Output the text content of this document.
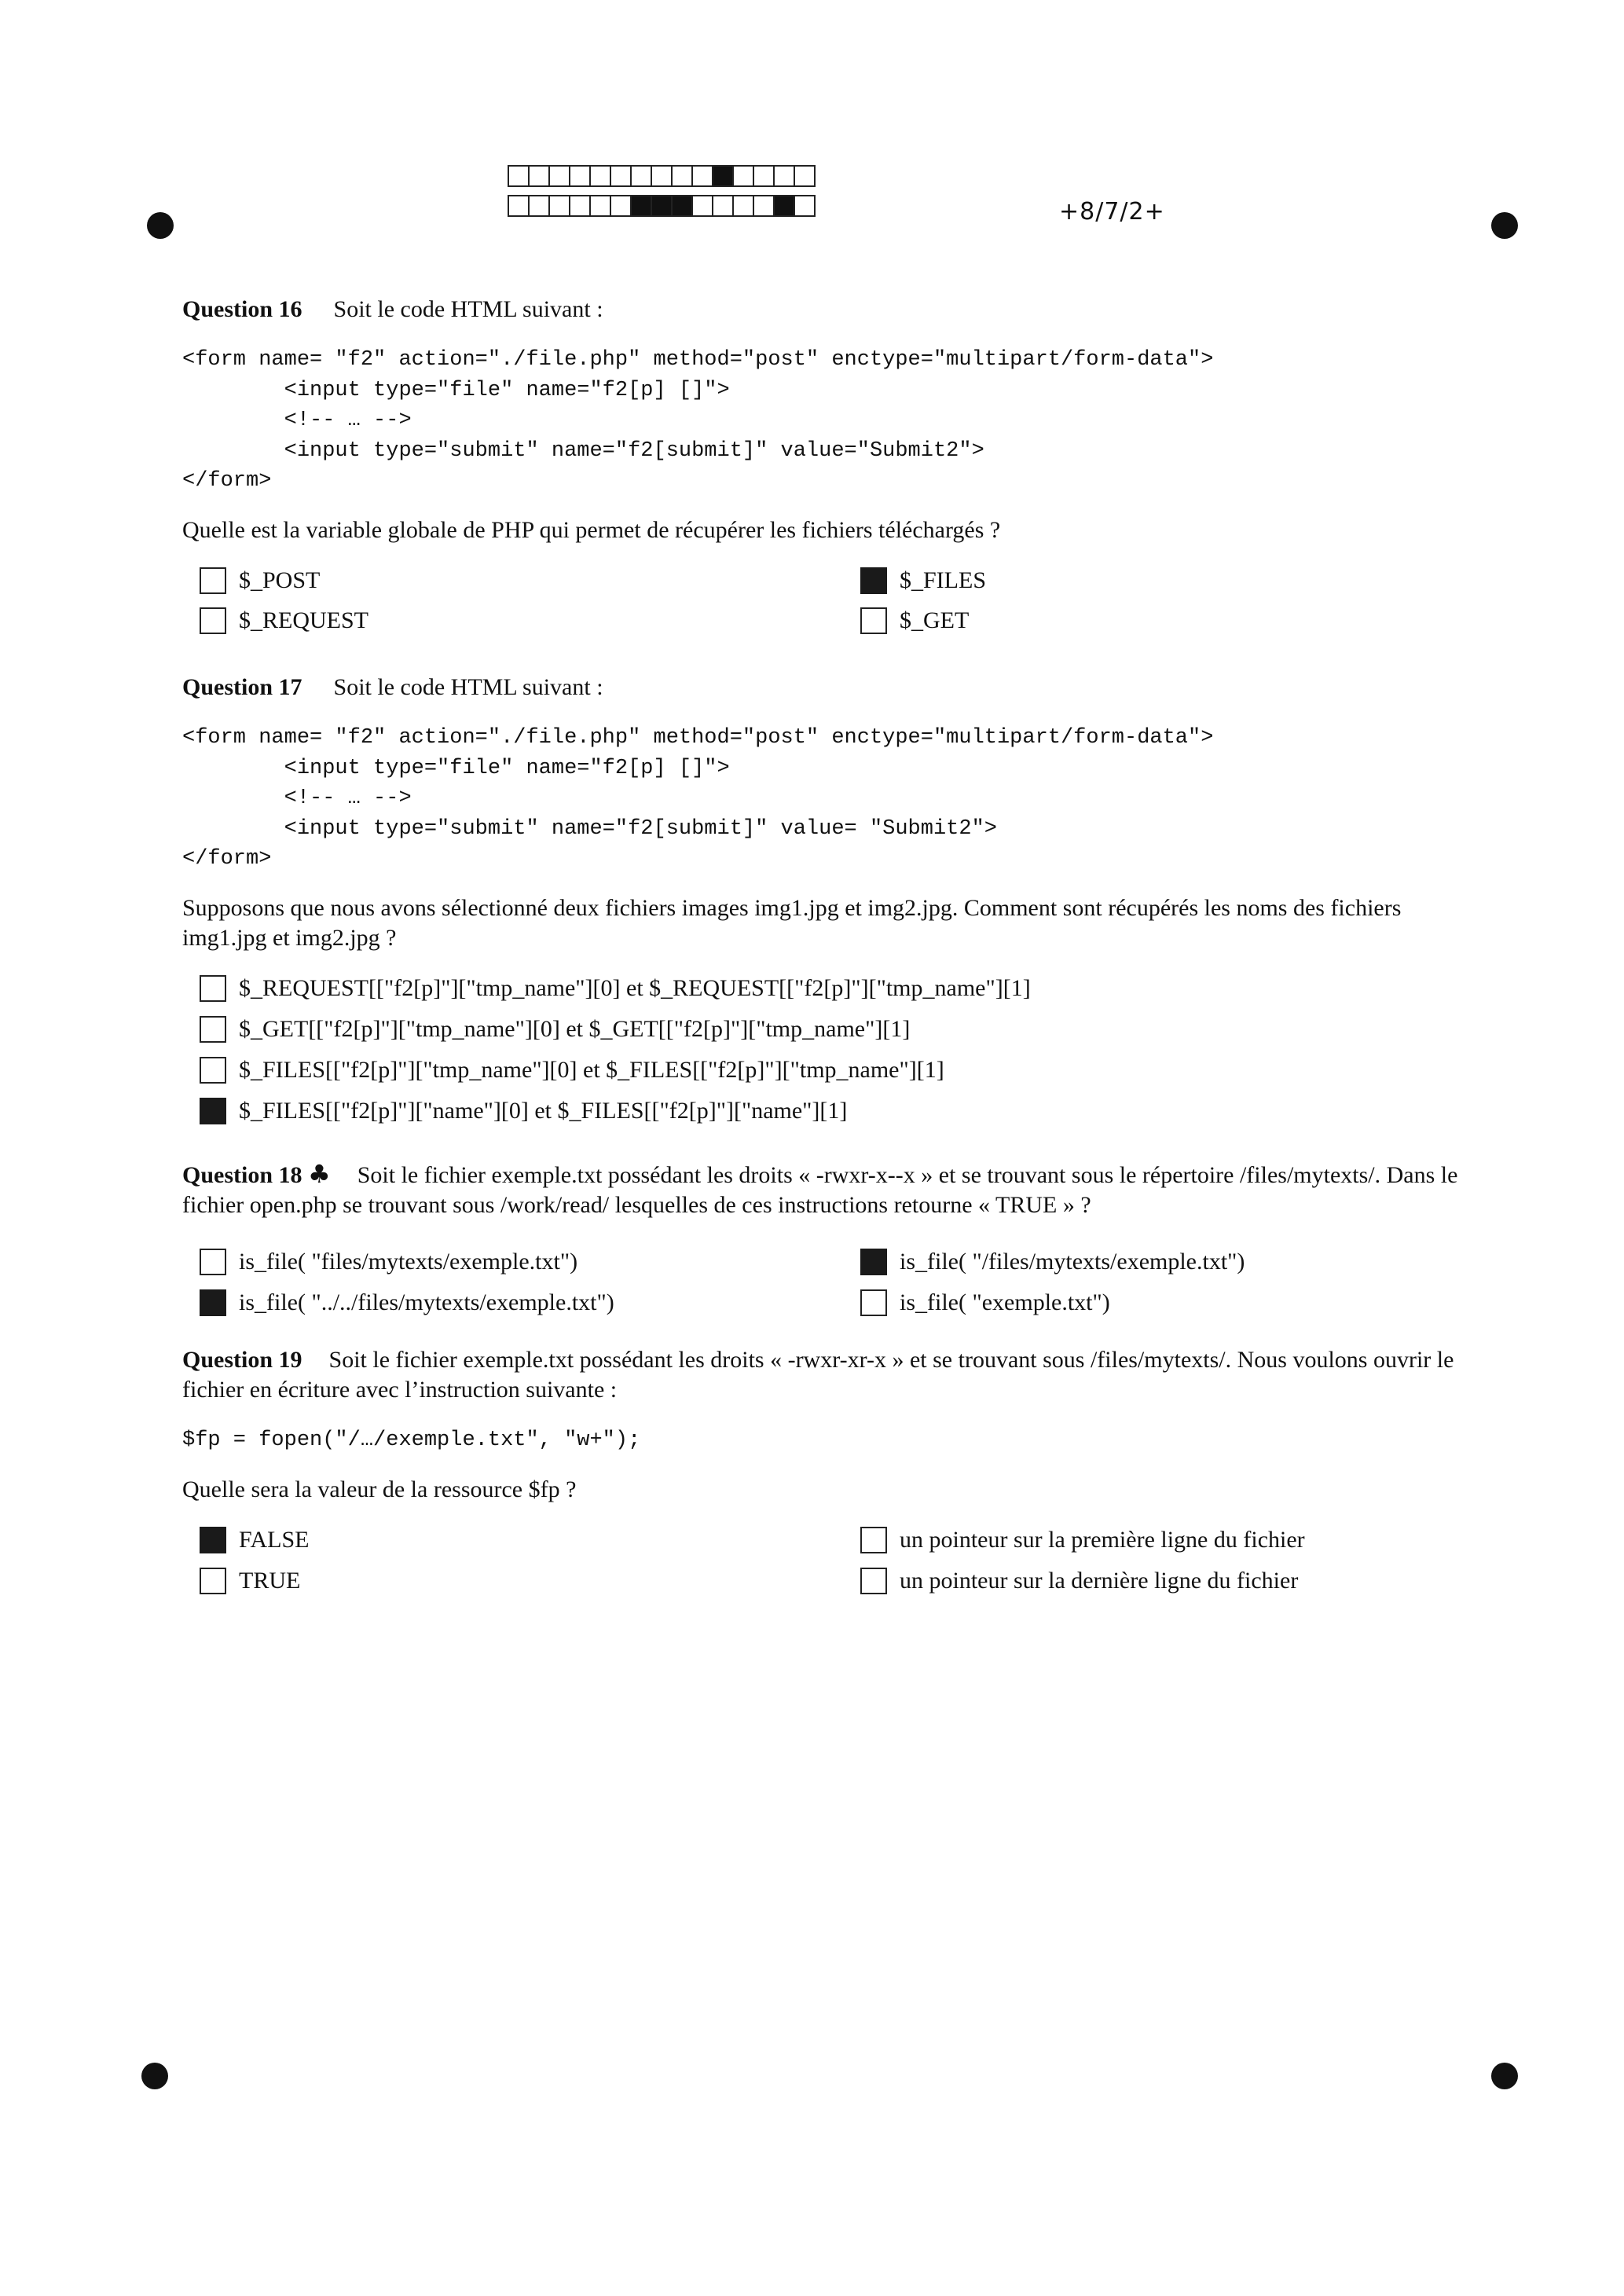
+8/7/2+
Question 16 Soit le code HTML suivant :
<form name= "f2" action="./file.php" method="post" enctype="multipart/form-data">
<input type="file" name="f2[p] []">
<!-- … -->
<input type="submit" name="f2[submit]" value="Submit2">
</form>
Quelle est la variable globale de PHP qui permet de récupérer les fichiers téléchargés ?
$_POST	$_FILES
$_REQUEST	$_GET
Question 17 Soit le code HTML suivant :
<form name= "f2" action="./file.php" method="post" enctype="multipart/form-data">
<input type="file" name="f2[p] []">
<!-- … -->
<input type="submit" name="f2[submit]" value= "Submit2">
</form>
Supposons que nous avons sélectionné deux fichiers images img1.jpg et img2.jpg. Comment sont récupérés les noms des fichiers img1.jpg et img2.jpg ?
$_REQUEST[["f2[p]"]["tmp_name"][0] et $_REQUEST[["f2[p]"]["tmp_name"][1]
$_GET[["f2[p]"]["tmp_name"][0] et $_GET[["f2[p]"]["tmp_name"][1]
$_FILES[["f2[p]"]["tmp_name"][0] et $_FILES[["f2[p]"]["tmp_name"][1]
$_FILES[["f2[p]"]["name"][0] et $_FILES[["f2[p]"]["name"][1]
Question 18 ♣ Soit le fichier exemple.txt possédant les droits « -rwxr-x--x » et se trouvant sous le répertoire /files/mytexts/. Dans le fichier open.php se trouvant sous /work/read/ lesquelles de ces instructions retourne « TRUE » ?
is_file( "files/mytexts/exemple.txt")	is_file( "/files/mytexts/exemple.txt")
is_file( "../../files/mytexts/exemple.txt")	is_file( "exemple.txt")
Question 19 Soit le fichier exemple.txt possédant les droits « -rwxr-xr-x » et se trouvant sous /files/mytexts/. Nous voulons ouvrir le fichier en écriture avec l’instruction suivante :
$fp = fopen("/…/exemple.txt", "w+");
Quelle sera la valeur de la ressource $fp ?
FALSE	un pointeur sur la première ligne du fichier
TRUE	un pointeur sur la dernière ligne du fichier
